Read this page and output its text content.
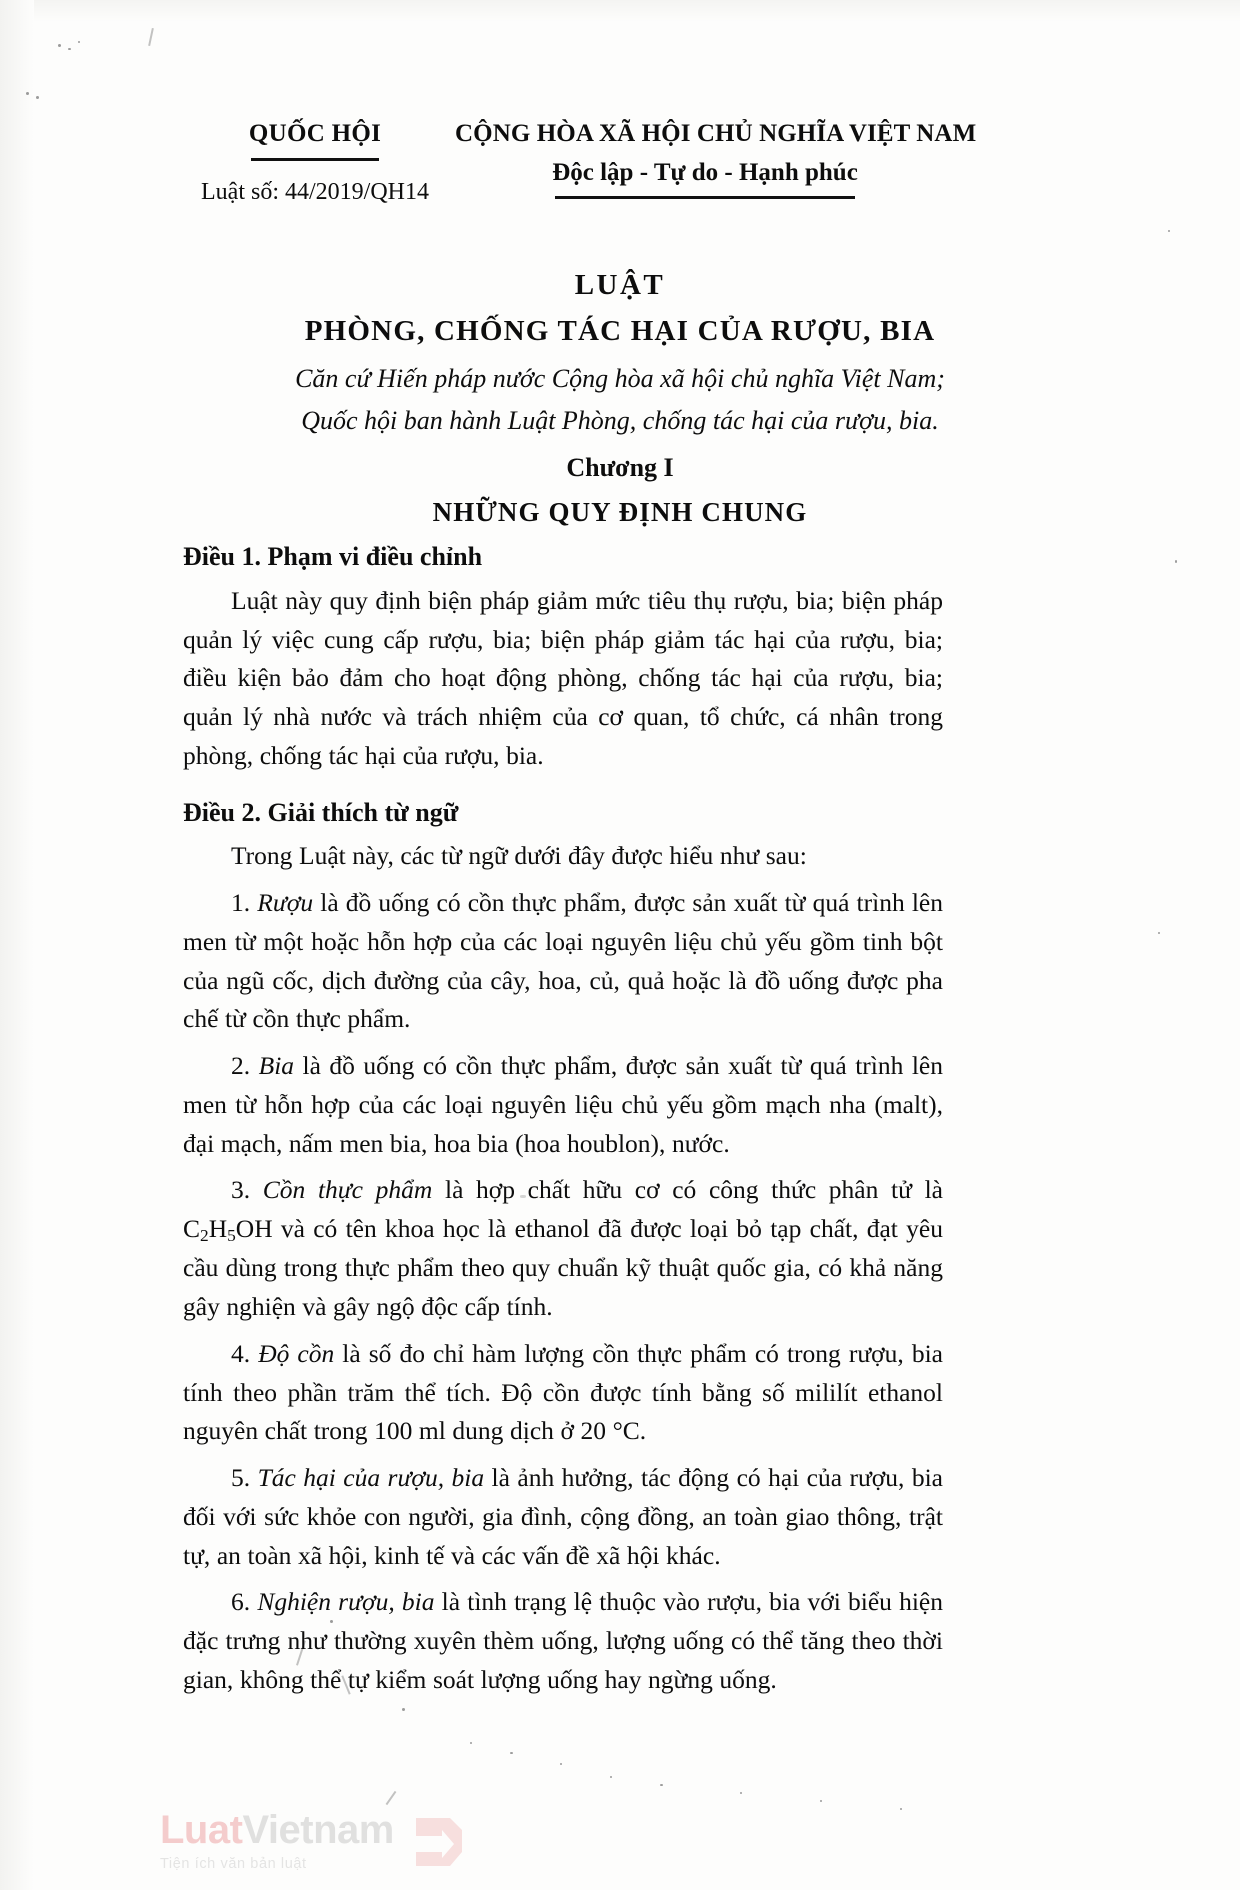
QUỐC HỘI
Luật số: 44/2019/QH14
CỘNG HÒA XÃ HỘI CHỦ NGHĨA VIỆT NAM
Độc lập - Tự do - Hạnh phúc
LUẬT
PHÒNG, CHỐNG TÁC HẠI CỦA RƯỢU, BIA
Căn cứ Hiến pháp nước Cộng hòa xã hội chủ nghĩa Việt Nam;
Quốc hội ban hành Luật Phòng, chống tác hại của rượu, bia.
Chương I
NHỮNG QUY ĐỊNH CHUNG
Điều 1. Phạm vi điều chỉnh

Luật này quy định biện pháp giảm mức tiêu thụ rượu, bia; biện pháp quản lý việc cung cấp rượu, bia; biện pháp giảm tác hại của rượu, bia; điều kiện bảo đảm cho hoạt động phòng, chống tác hại của rượu, bia; quản lý nhà nước và trách nhiệm của cơ quan, tổ chức, cá nhân trong phòng, chống tác hại của rượu, bia.

Điều 2. Giải thích từ ngữ

Trong Luật này, các từ ngữ dưới đây được hiểu như sau:

1. Rượu là đồ uống có cồn thực phẩm, được sản xuất từ quá trình lên men từ một hoặc hỗn hợp của các loại nguyên liệu chủ yếu gồm tinh bột của ngũ cốc, dịch đường của cây, hoa, củ, quả hoặc là đồ uống được pha chế từ cồn thực phẩm.

2. Bia là đồ uống có cồn thực phẩm, được sản xuất từ quá trình lên men từ hỗn hợp của các loại nguyên liệu chủ yếu gồm mạch nha (malt), đại mạch, nấm men bia, hoa bia (hoa houblon), nước.

3. Cồn thực phẩm là hợp chất hữu cơ có công thức phân tử là $C_2H_5OH$ và có tên khoa học là ethanol đã được loại bỏ tạp chất, đạt yêu cầu dùng trong thực phẩm theo quy chuẩn kỹ thuật quốc gia, có khả năng gây nghiện và gây ngộ độc cấp tính.

4. Độ cồn là số đo chỉ hàm lượng cồn thực phẩm có trong rượu, bia tính theo phần trăm thể tích. Độ cồn được tính bằng số mililít ethanol nguyên chất trong 100 ml dung dịch ở 20 °C.

5. Tác hại của rượu, bia là ảnh hưởng, tác động có hại của rượu, bia đối với sức khỏe con người, gia đình, cộng đồng, an toàn giao thông, trật tự, an toàn xã hội, kinh tế và các vấn đề xã hội khác.

6. Nghiện rượu, bia là tình trạng lệ thuộc vào rượu, bia với biểu hiện đặc trưng như thường xuyên thèm uống, lượng uống có thể tăng theo thời gian, không thể tự kiểm soát lượng uống hay ngừng uống.

LuatVietnam
Tiện ích văn bản luật
